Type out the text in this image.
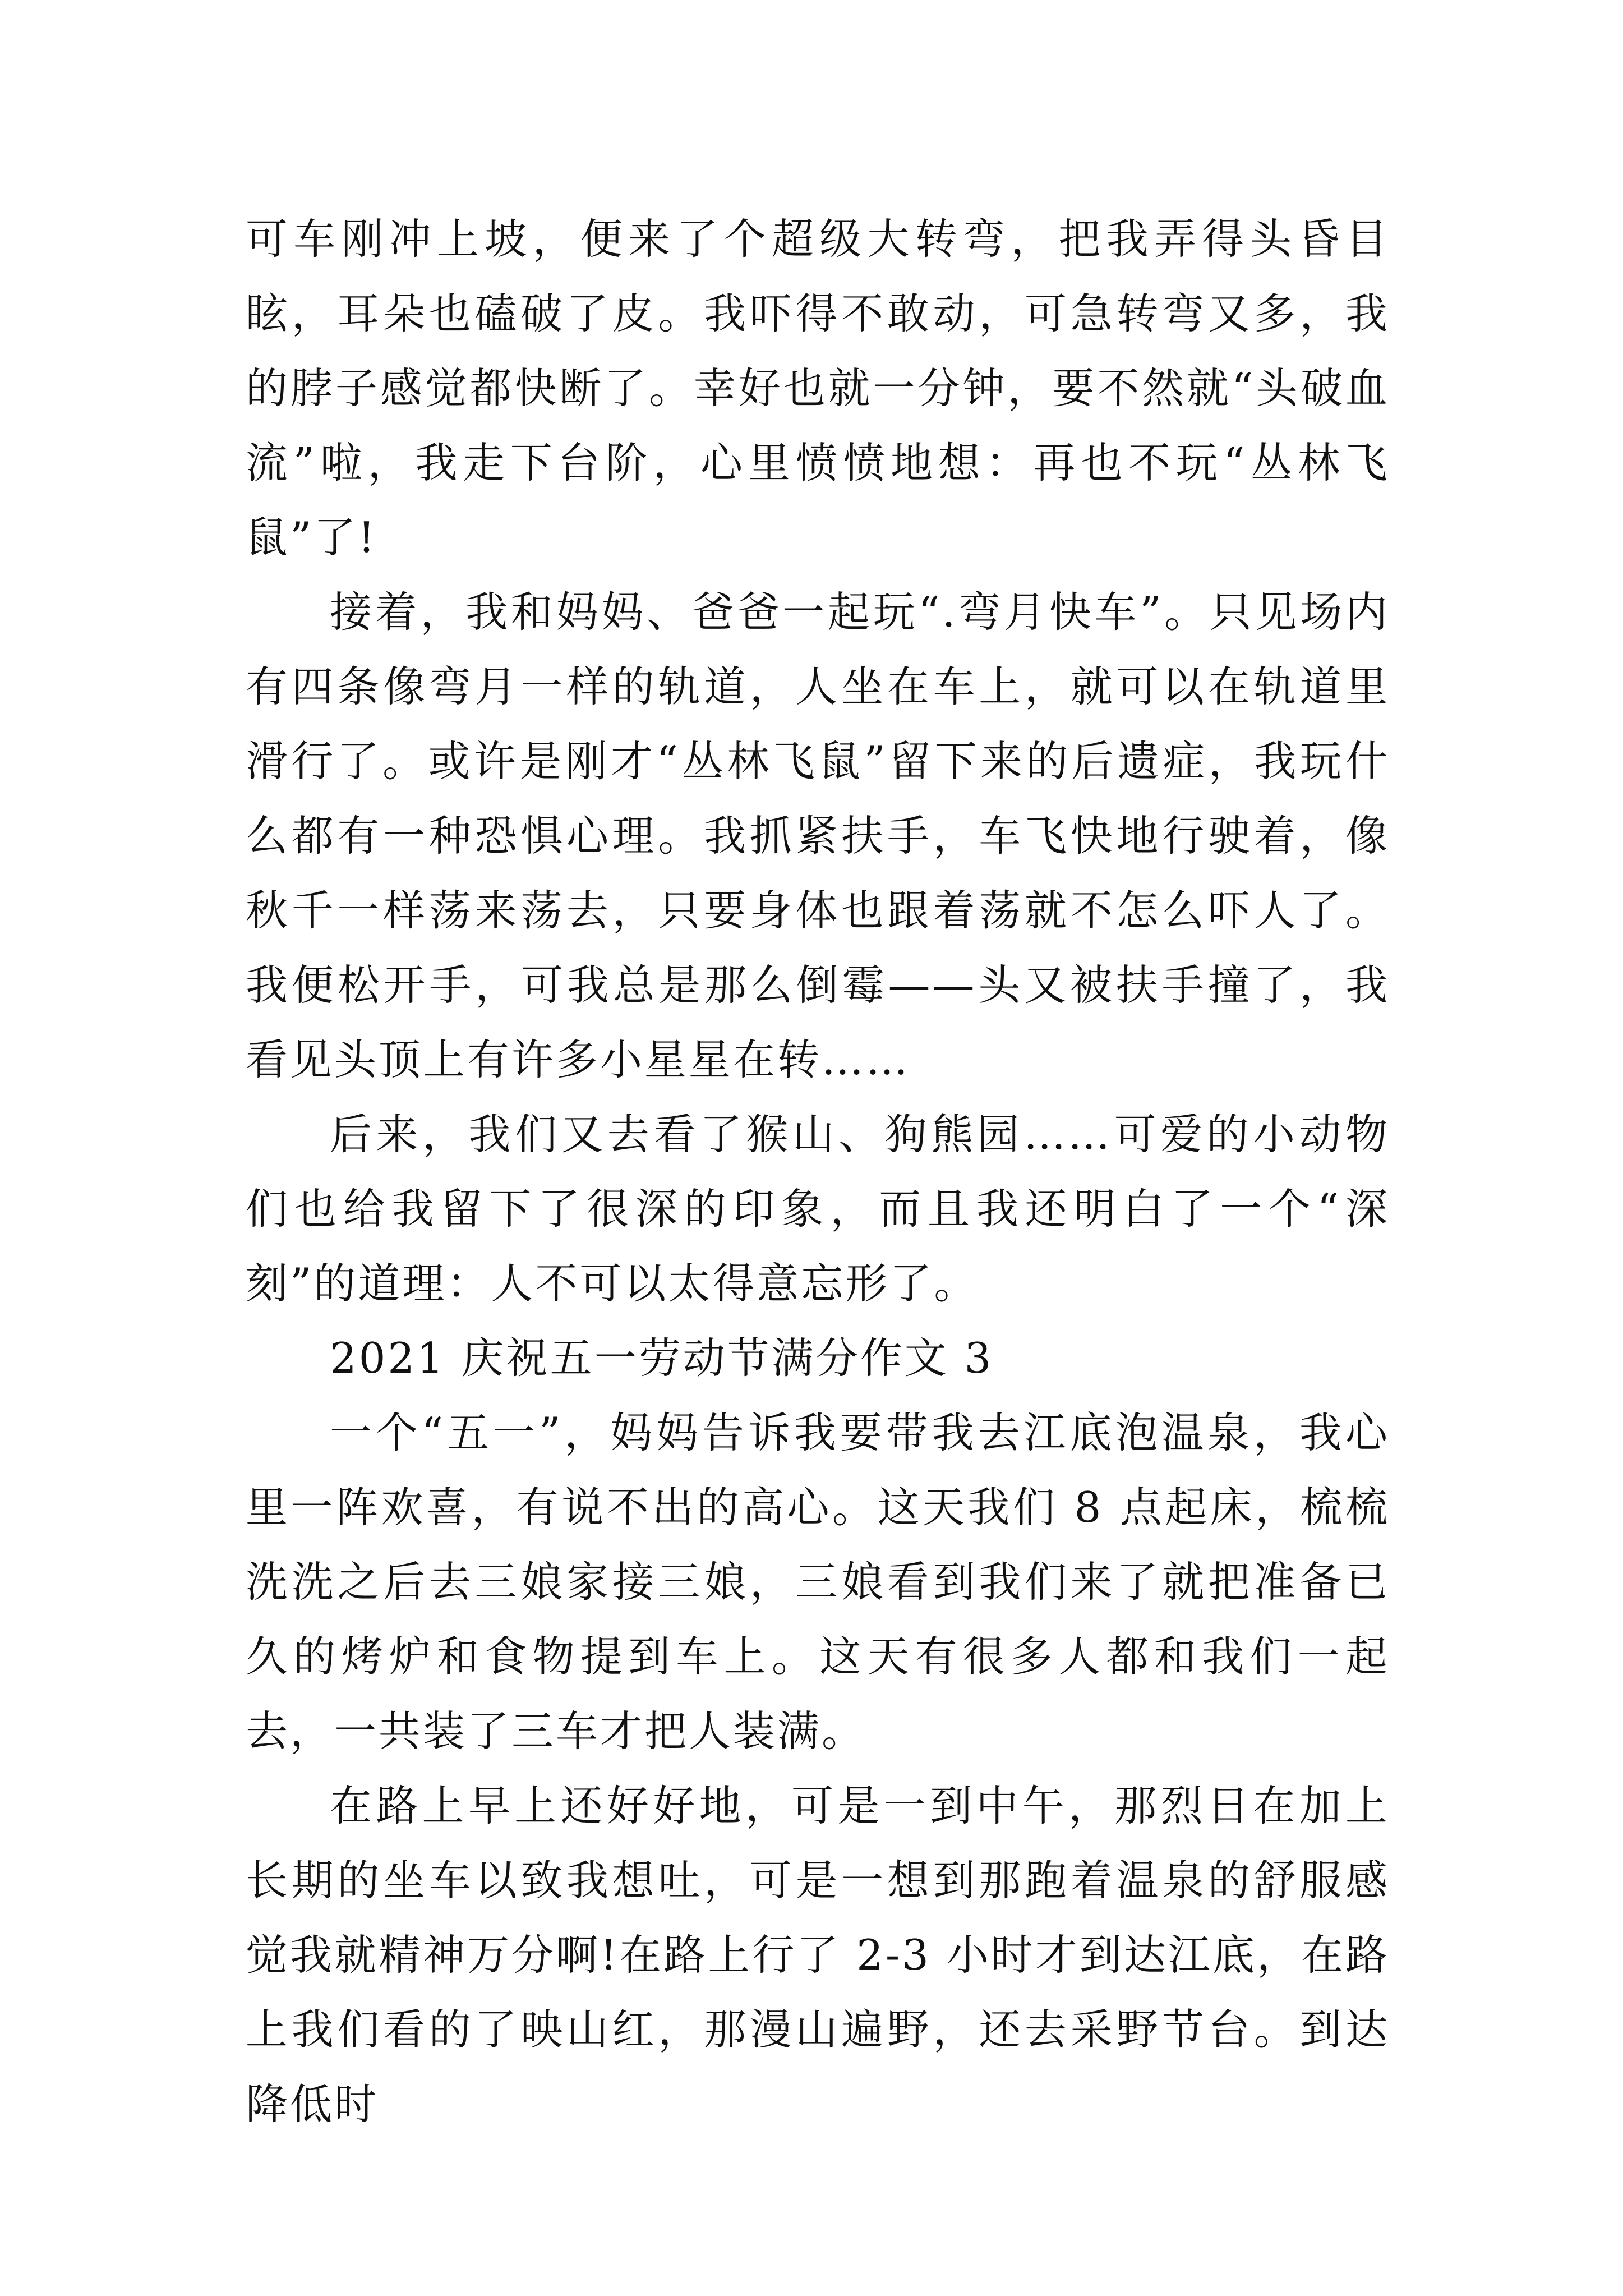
可车刚冲上坡，便来了个超级大转弯，把我弄得头昏目眩，耳朵也磕破了皮。我吓得不敢动，可急转弯又多，我的脖子感觉都快断了。幸好也就一分钟，要不然就“头破血流”啦，我走下台阶，心里愤愤地想：再也不玩“丛林飞鼠”了!

接着，我和妈妈、爸爸一起玩“.弯月快车”。只见场内有四条像弯月一样的轨道，人坐在车上，就可以在轨道里滑行了。或许是刚才“丛林飞鼠”留下来的后遗症，我玩什么都有一种恐惧心理。我抓紧扶手，车飞快地行驶着，像秋千一样荡来荡去，只要身体也跟着荡就不怎么吓人了。我便松开手，可我总是那么倒霉——头又被扶手撞了，我看见头顶上有许多小星星在转……

后来，我们又去看了猴山、狗熊园……可爱的小动物们也给我留下了很深的印象，而且我还明白了一个“深刻”的道理：人不可以太得意忘形了。

2021 庆祝五一劳动节满分作文 3

一个“五一”，妈妈告诉我要带我去江底泡温泉，我心里一阵欢喜，有说不出的高心。这天我们 8 点起床，梳梳洗洗之后去三娘家接三娘，三娘看到我们来了就把准备已久的烤炉和食物提到车上。这天有很多人都和我们一起去，一共装了三车才把人装满。

在路上早上还好好地，可是一到中午，那烈日在加上长期的坐车以致我想吐，可是一想到那跑着温泉的舒服感觉我就精神万分啊!在路上行了 2-3 小时才到达江底，在路上我们看的了映山红，那漫山遍野，还去采野节台。到达降低时
